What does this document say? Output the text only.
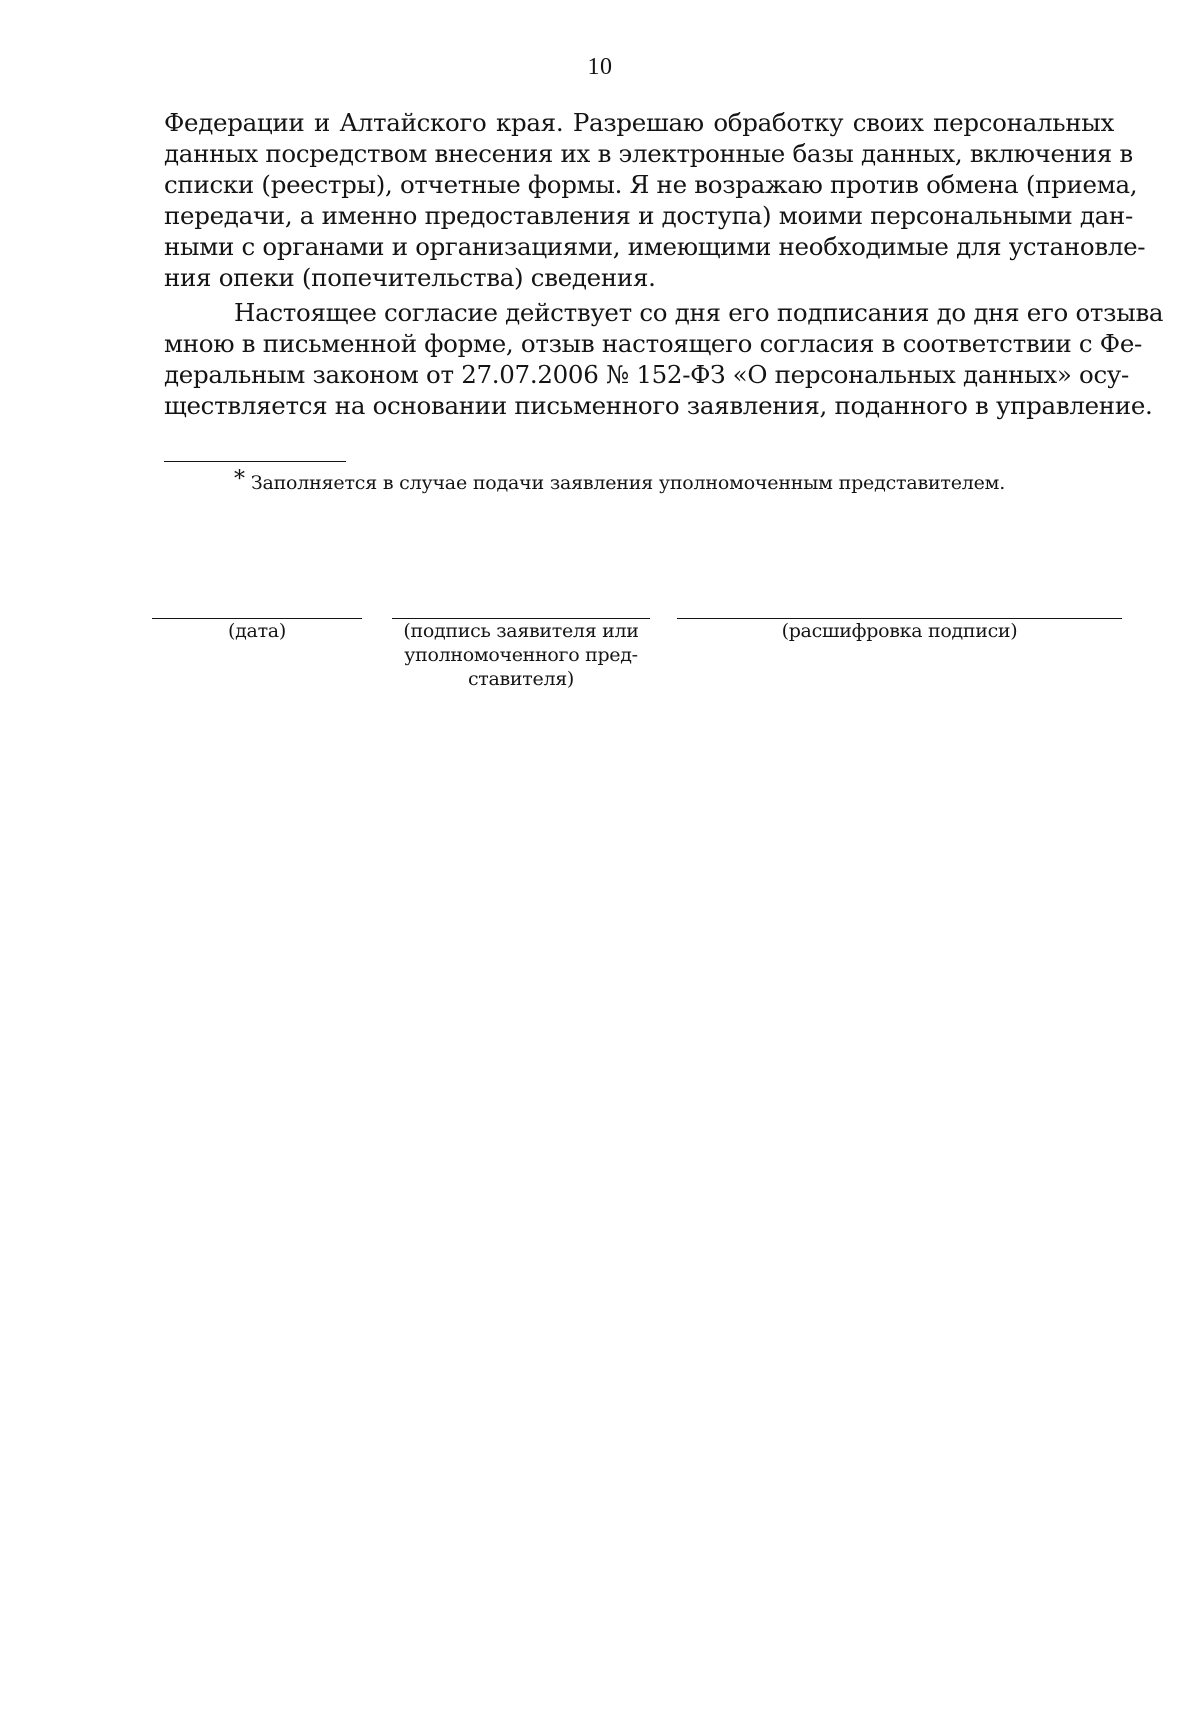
10
Федерации и Алтайского края. Разрешаю обработку своих персональных
данных посредством внесения их в электронные базы данных, включения в
списки (реестры), отчетные формы. Я не возражаю против обмена (приема,
передачи, а именно предоставления и доступа) моими персональными дан-
ными с органами и организациями, имеющими необходимые для установле-
ния опеки (попечительства) сведения.
Настоящее согласие действует со дня его подписания до дня его отзыва
мною в письменной форме, отзыв настоящего согласия в соответствии с Фе-
деральным законом от 27.07.2006 № 152-ФЗ «О персональных данных» осу-
ществляется на основании письменного заявления, поданного в управление.
* Заполняется в случае подачи заявления уполномоченным представителем.
(дата)	(подпись заявителя или
уполномоченного пред-
ставителя)
(расшифровка подписи)
